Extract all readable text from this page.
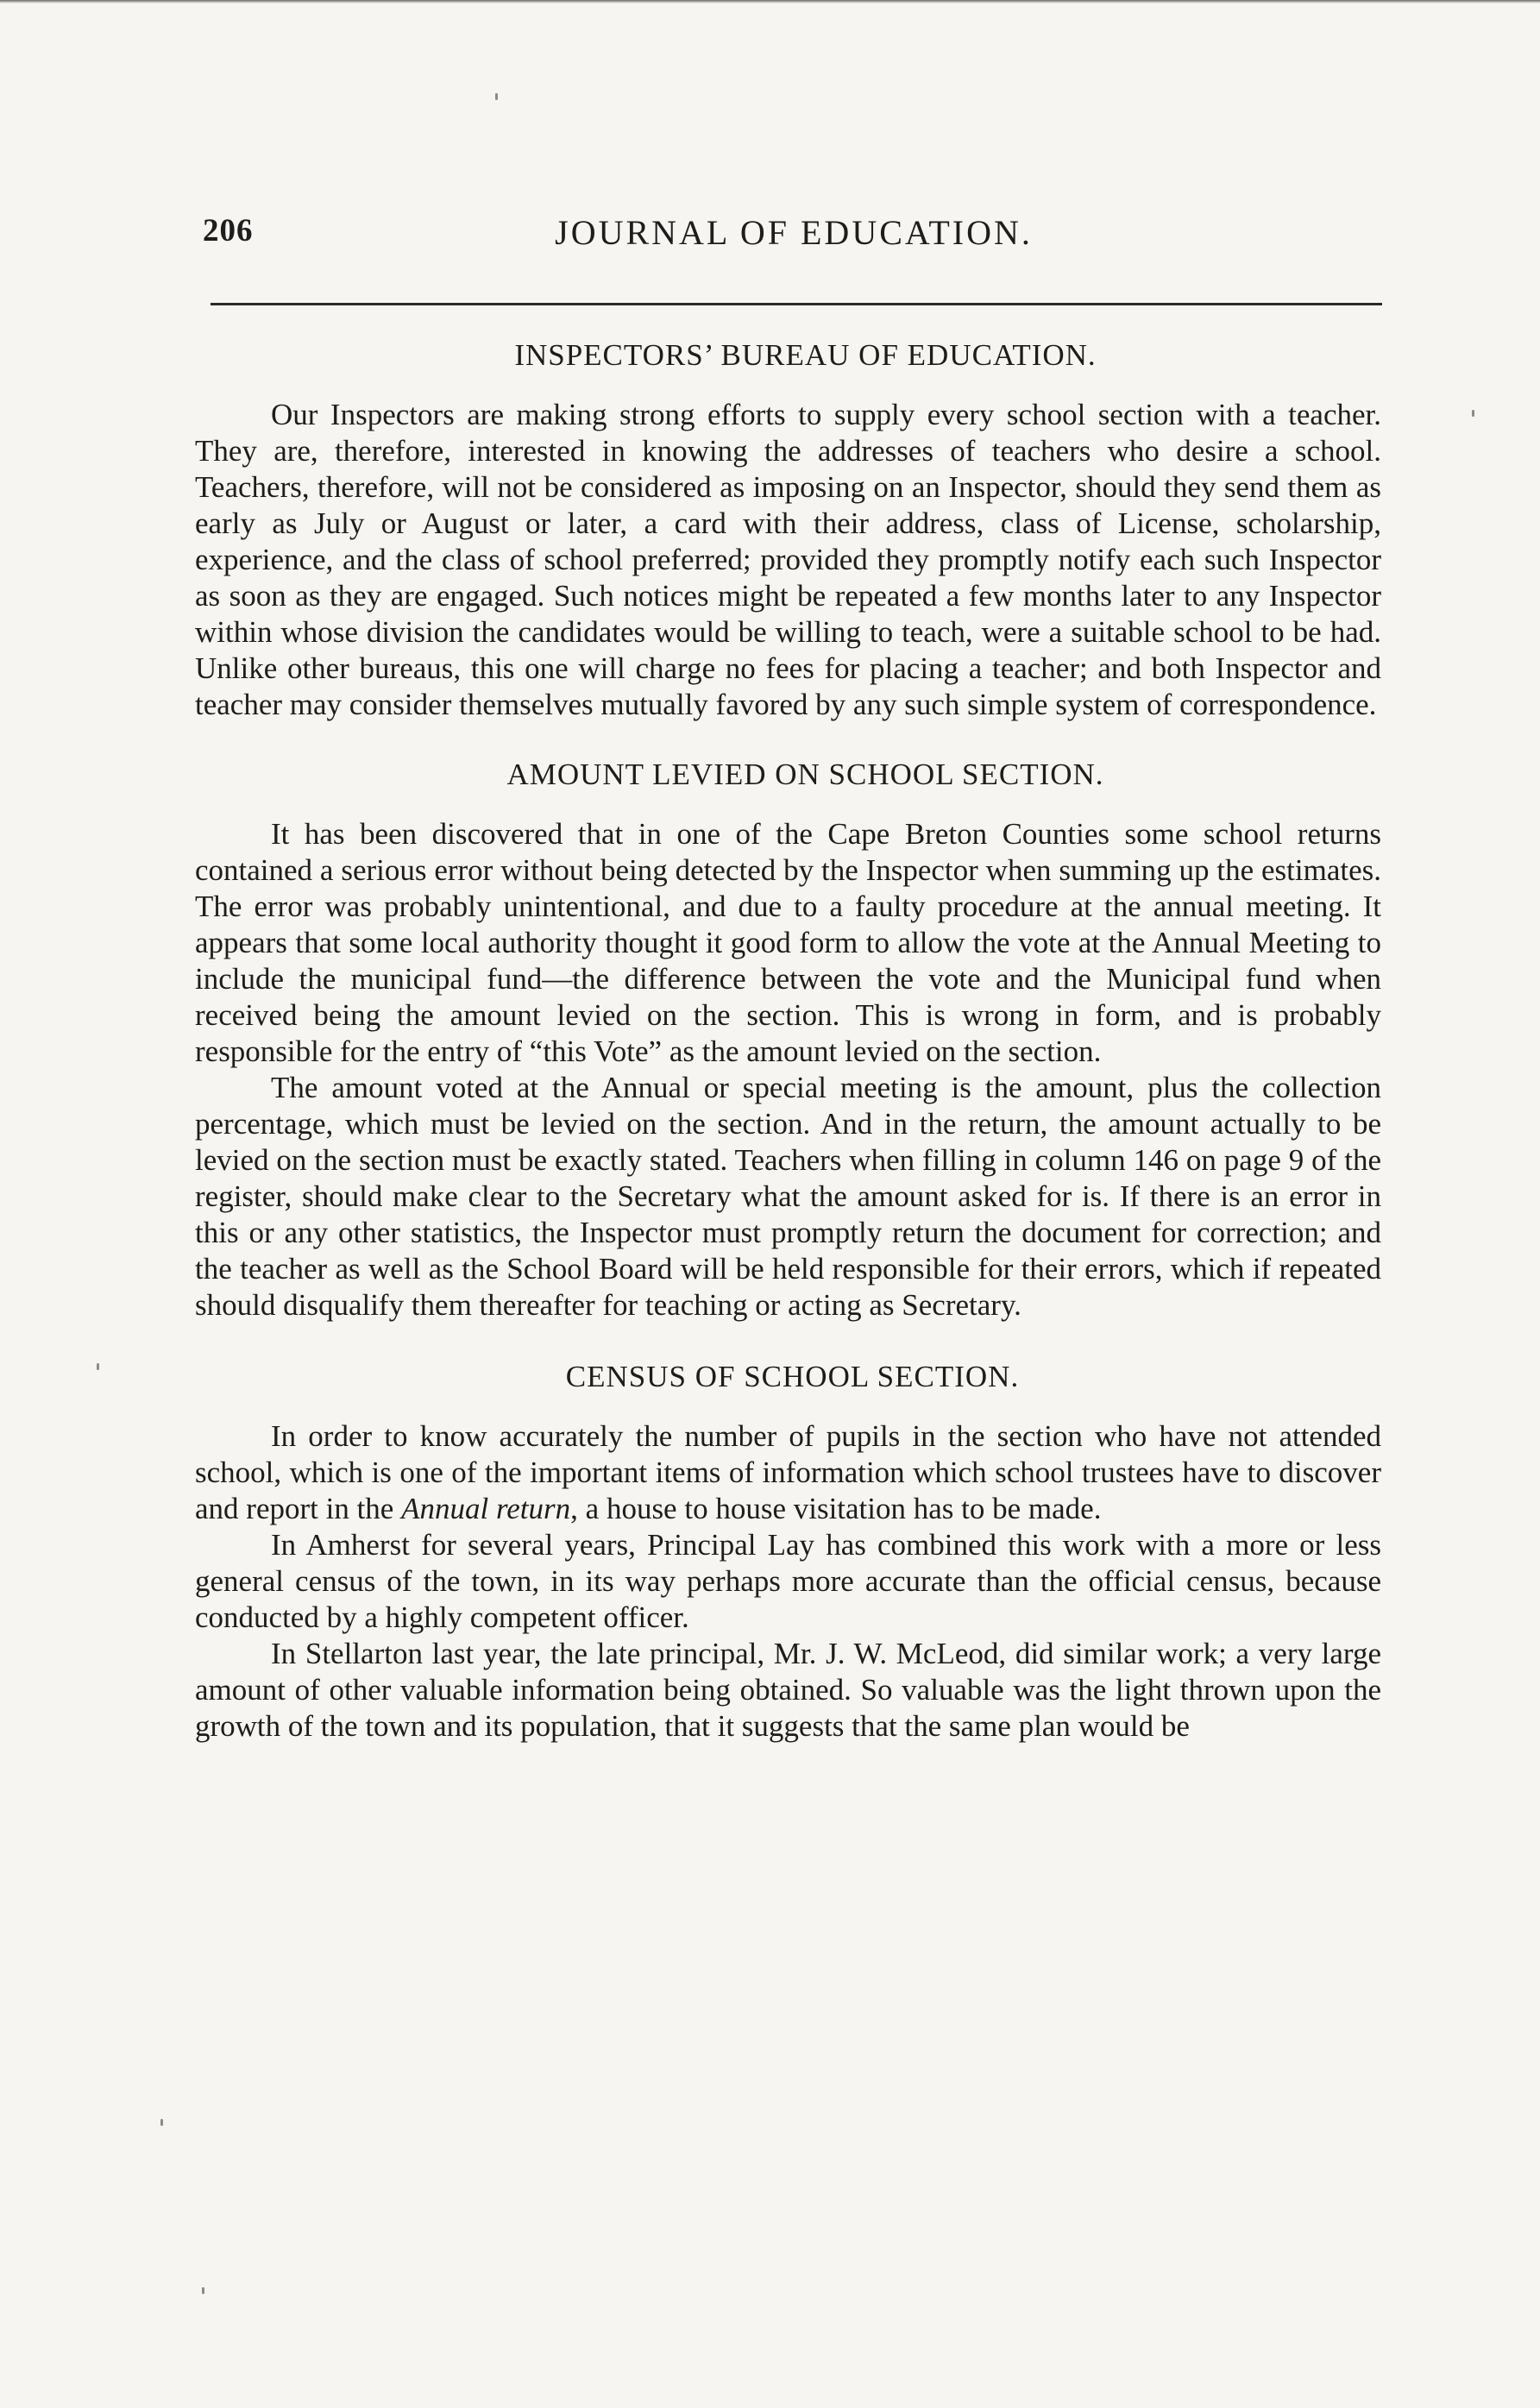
206	JOURNAL OF EDUCATION.
INSPECTORS’ BUREAU OF EDUCATION.

Our Inspectors are making strong efforts to supply every school section with a teacher. They are, therefore, interested in knowing the addresses of teachers who desire a school. Teachers, therefore, will not be considered as imposing on an Inspector, should they send them as early as July or August or later, a card with their address, class of License, scholarship, experience, and the class of school preferred; provided they promptly notify each such Inspector as soon as they are engaged. Such notices might be repeated a few months later to any Inspector within whose division the candidates would be willing to teach, were a suitable school to be had. Unlike other bureaus, this one will charge no fees for placing a teacher; and both Inspector and teacher may consider themselves mutually favored by any such simple system of correspondence.

AMOUNT LEVIED ON SCHOOL SECTION.

It has been discovered that in one of the Cape Breton Counties some school returns contained a serious error without being detected by the Inspector when summing up the estimates. The error was probably unintentional, and due to a faulty procedure at the annual meeting. It appears that some local authority thought it good form to allow the vote at the Annual Meeting to include the municipal fund—the difference between the vote and the Municipal fund when received being the amount levied on the section. This is wrong in form, and is probably responsible for the entry of “this Vote” as the amount levied on the section.

The amount voted at the Annual or special meeting is the amount, plus the collection percentage, which must be levied on the section. And in the return, the amount actually to be levied on the section must be exactly stated. Teachers when filling in column 146 on page 9 of the register, should make clear to the Secretary what the amount asked for is. If there is an error in this or any other statistics, the Inspector must promptly return the document for correction; and the teacher as well as the School Board will be held responsible for their errors, which if repeated should disqualify them thereafter for teaching or acting as Secretary.

CENSUS OF SCHOOL SECTION.

In order to know accurately the number of pupils in the section who have not attended school, which is one of the important items of information which school trustees have to discover and report in the Annual return, a house to house visitation has to be made.

In Amherst for several years, Principal Lay has combined this work with a more or less general census of the town, in its way perhaps more accurate than the official census, because conducted by a highly competent officer.

In Stellarton last year, the late principal, Mr. J. W. McLeod, did similar work; a very large amount of other valuable information being obtained. So valuable was the light thrown upon the growth of the town and its population, that it suggests that the same plan would be
